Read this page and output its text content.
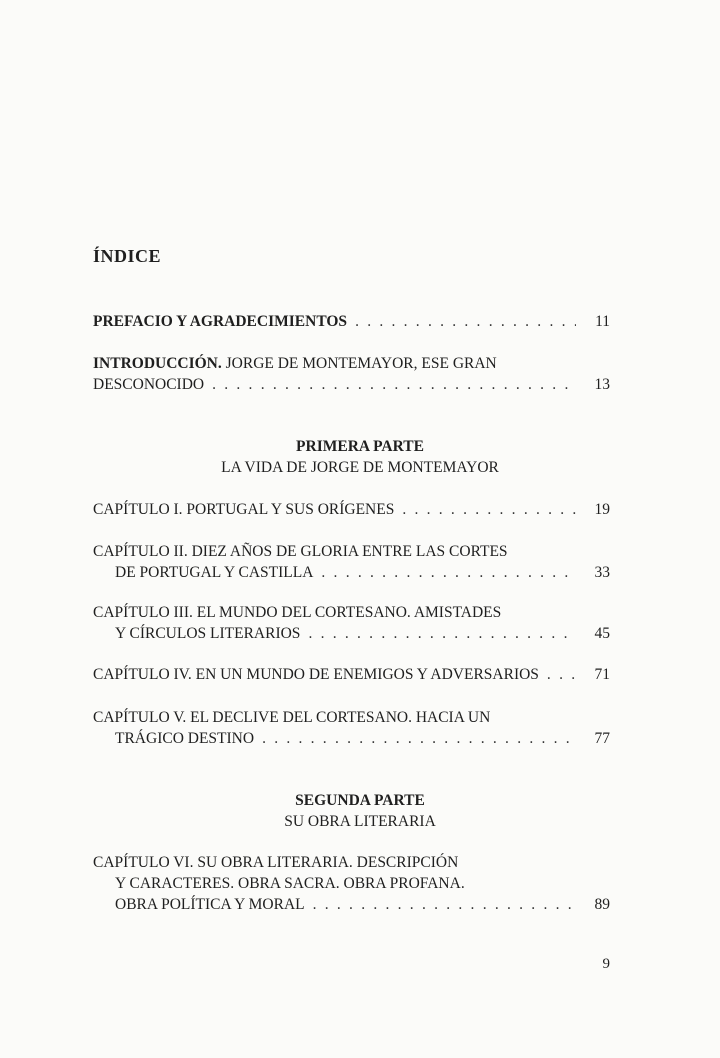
ÍNDICE
PREFACIO Y AGRADECIMIENTOS . . .	11
INTRODUCCIÓN. JORGE DE MONTEMAYOR, ESE GRAN
DESCONOCIDO . . .	13
PRIMERA PARTE
LA VIDA DE JORGE DE MONTEMAYOR
CAPÍTULO I. PORTUGAL Y SUS ORÍGENES . . .	19
CAPÍTULO II. DIEZ AÑOS DE GLORIA ENTRE LAS CORTES
DE PORTUGAL Y CASTILLA . . .	33
CAPÍTULO III. EL MUNDO DEL CORTESANO. AMISTADES
Y CÍRCULOS LITERARIOS . . .	45
CAPÍTULO IV. EN UN MUNDO DE ENEMIGOS Y ADVERSARIOS . . .	71
CAPÍTULO V. EL DECLIVE DEL CORTESANO. HACIA UN
TRÁGICO DESTINO . . .	77
SEGUNDA PARTE
SU OBRA LITERARIA
CAPÍTULO VI. SU OBRA LITERARIA. DESCRIPCIÓN
Y CARACTERES. OBRA SACRA. OBRA PROFANA.
OBRA POLÍTICA Y MORAL . . .	89
9
